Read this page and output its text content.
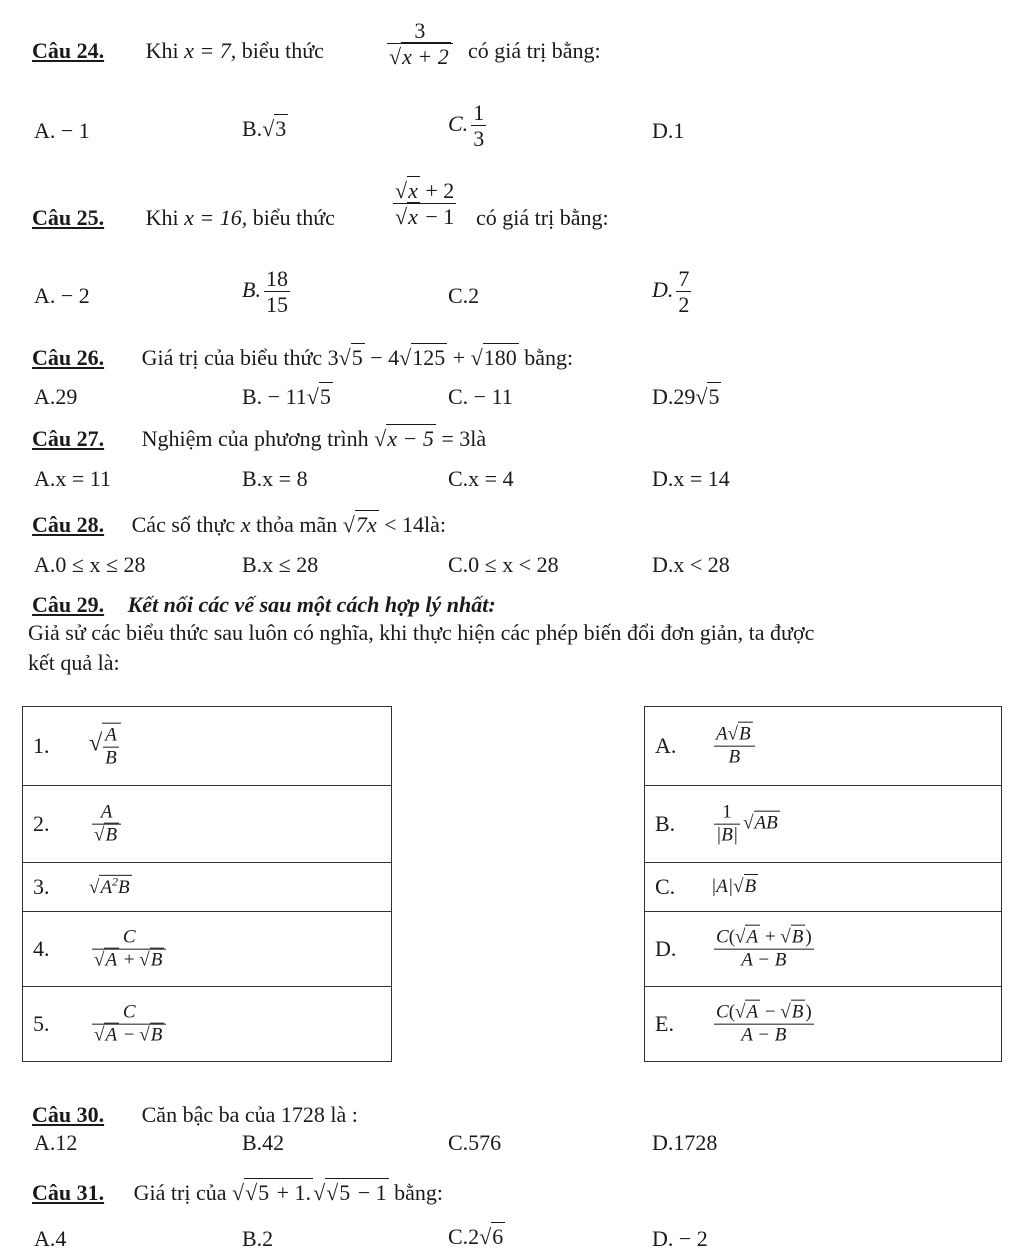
Câu 24. Khi x = 7, biểu thức	$\frac{3}{√x + 2}$ có giá trị bằng:
A. − 1	B.√3	C. $\frac{1}{3}$	D.1
Câu 25. Khi x = 16, biểu thức	$\frac{√x + 2}{√x - 1}$ có giá trị bằng:
A. − 2	B. $\frac{18}{15}$	C.2	D. $\frac{7}{2}$
Câu 26. Giá trị của biểu thức 3√5 − 4√125 + √180 bằng:
A.29	B. − 11√5	C. − 11	D.29√5
Câu 27. Nghiệm của phương trình √x − 5 = 3là
A.x = 11	B.x = 8	C.x = 4	D.x = 14
Câu 28. Các số thực x thỏa mãn √7x < 14là:
A.0 ≤ x ≤ 28	B.x ≤ 28	C.0 ≤ x < 28	D.x < 28
Câu 29. Kết nối các vế sau một cách hợp lý nhất:
Giả sử các biểu thức sau luôn có nghĩa, khi thực hiện các phép biến đổi đơn giản, ta được
kết quả là:
1. √ $\frac{A}{B}$
2. $\frac{A}{√B}$
3. $√A^2B$
4. $\frac{C}{√A + √B}$
5. $\frac{C}{√A - √B}$
A. $\frac{A√B}{B}$
B. $\frac{1}{|B|} √AB$
C. |A|√B
D. $\frac{C(√A + √B )}{A - B}$
E. $\frac{C(√A - √B )}{A - B}$
Câu 30. Căn bậc ba của 1728 là :
A.12	B.42	C.576	D.1728
Câu 31. Giá trị của √√5 + 1.√√5 − 1 bằng:
A.4	B.2	C.2√6	D. − 2
